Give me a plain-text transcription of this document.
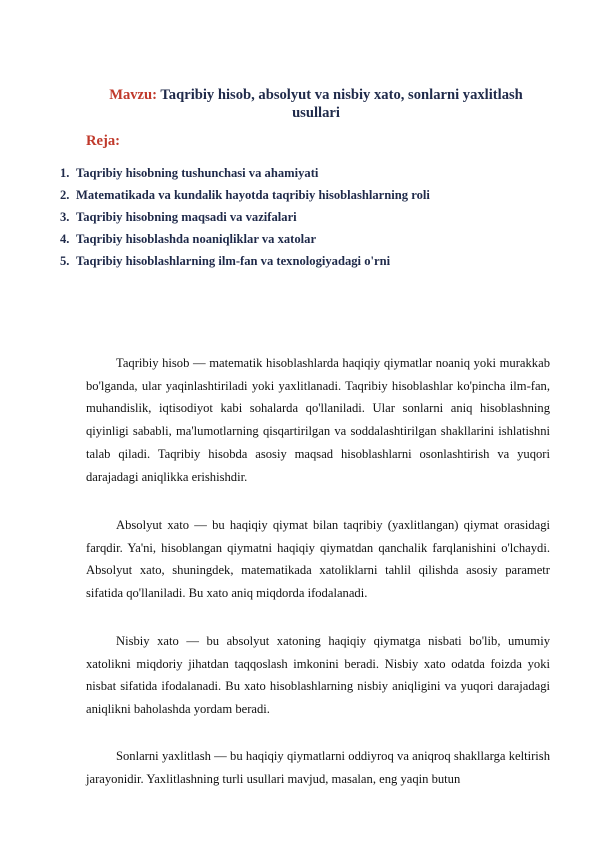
Mavzu: Taqribiy hisob, absolyut va nisbiy xato, sonlarni yaxlitlash usullari
Reja:
1. Taqribiy hisobning tushunchasi va ahamiyati
2. Matematikada va kundalik hayotda taqribiy hisoblashlarning roli
3. Taqribiy hisobning maqsadi va vazifalari
4. Taqribiy hisoblashda noaniqliklar va xatolar
5. Taqribiy hisoblashlarning ilm-fan va texnologiyadagi o'rni

Taqribiy hisob — matematik hisoblashlarda haqiqiy qiymatlar noaniq yoki murakkab bo'lganda, ular yaqinlashtiriladi yoki yaxlitlanadi. Taqribiy hisoblashlar ko'pincha ilm-fan, muhandislik, iqtisodiyot kabi sohalarda qo'llaniladi. Ular sonlarni aniq hisoblashning qiyinligi sababli, ma'lumotlarning qisqartirilgan va soddalashtirilgan shakllarini ishlatishni talab qiladi. Taqribiy hisobda asosiy maqsad hisoblashlarni osonlashtirish va yuqori darajadagi aniqlikka erishishdir.

Absolyut xato — bu haqiqiy qiymat bilan taqribiy (yaxlitlangan) qiymat orasidagi farqdir. Ya'ni, hisoblangan qiymatni haqiqiy qiymatdan qanchalik farqlanishini o'lchaydi. Absolyut xato, shuningdek, matematikada xatoliklarni tahlil qilishda asosiy parametr sifatida qo'llaniladi. Bu xato aniq miqdorda ifodalanadi.

Nisbiy xato — bu absolyut xatoning haqiqiy qiymatga nisbati bo'lib, umumiy xatolikni miqdoriy jihatdan taqqoslash imkonini beradi. Nisbiy xato odatda foizda yoki nisbat sifatida ifodalanadi. Bu xato hisoblashlarning nisbiy aniqligini va yuqori darajadagi aniqlikni baholashda yordam beradi.

Sonlarni yaxlitlash — bu haqiqiy qiymatlarni oddiyroq va aniqroq shakllarga keltirish jarayonidir. Yaxlitlashning turli usullari mavjud, masalan, eng yaqin butun
